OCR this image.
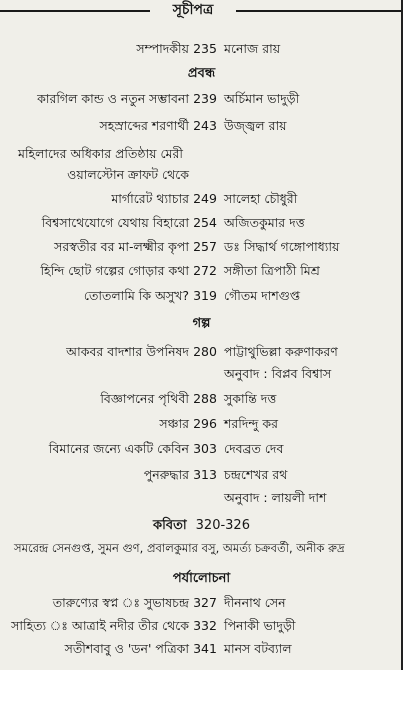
সূচীপত্র
সম্পাদকীয় 235 মনোজ রায়
প্রবন্ধ
কারগিল কান্ড ও নতুন সম্ভাবনা 239 অর্চিমান ভাদুড়ী
সহস্রাব্দের শরণার্থী 243 উজ্জ্বল রায়
মহিলাদের অধিকার প্রতিষ্ঠায় মেরী
ওয়ালস্টোন ক্রাফট থেকে
মার্গারেট থ্যাচার 249 সালেহা চৌধুরী
বিশ্বসাথেযোগে যেথায় বিহারো 254 অজিতকুমার দত্ত
সরস্বতীর বর মা-লক্ষ্মীর কৃপা 257 ডঃ সিদ্ধার্থ গঙ্গোপাধ্যায়
হিন্দি ছোট গল্পের গোড়ার কথা 272 সঙ্গীতা ত্রিপাঠী মিশ্র
তোতলামি কি অসুখ? 319 গৌতম দাশগুপ্ত
গল্প
আকবর বাদশার উপনিষদ 280 পাট্টাথুভিল্লা করুণাকরণ
অনুবাদ : বিপ্লব বিশ্বাস
বিজ্ঞাপনের পৃথিবী 288 সুকান্তি দত্ত
সঞ্চার 296 শরদিন্দু কর
বিমানের জন্যে একটি কেবিন 303 দেবব্রত দেব
পুনরুদ্ধার 313 চন্দ্রশেখর রথ
অনুবাদ : লায়লী দাশ
কবিতা 320-326
সমরেন্দ্র সেনগুপ্ত, সুমন গুণ, প্রবালকুমার বসু, অমর্ত্য চক্রবর্তী, অনীক রুদ্র
পর্যালোচনা
তারুণ্যের স্বপ্ন ঃ সুভাষচন্দ্র 327 দীননাথ সেন
সাহিত্য ঃ আত্রাই নদীর তীর থেকে 332 পিনাকী ভাদুড়ী
সতীশবাবু ও 'ডন' পত্রিকা 341 মানস বটব্যাল
